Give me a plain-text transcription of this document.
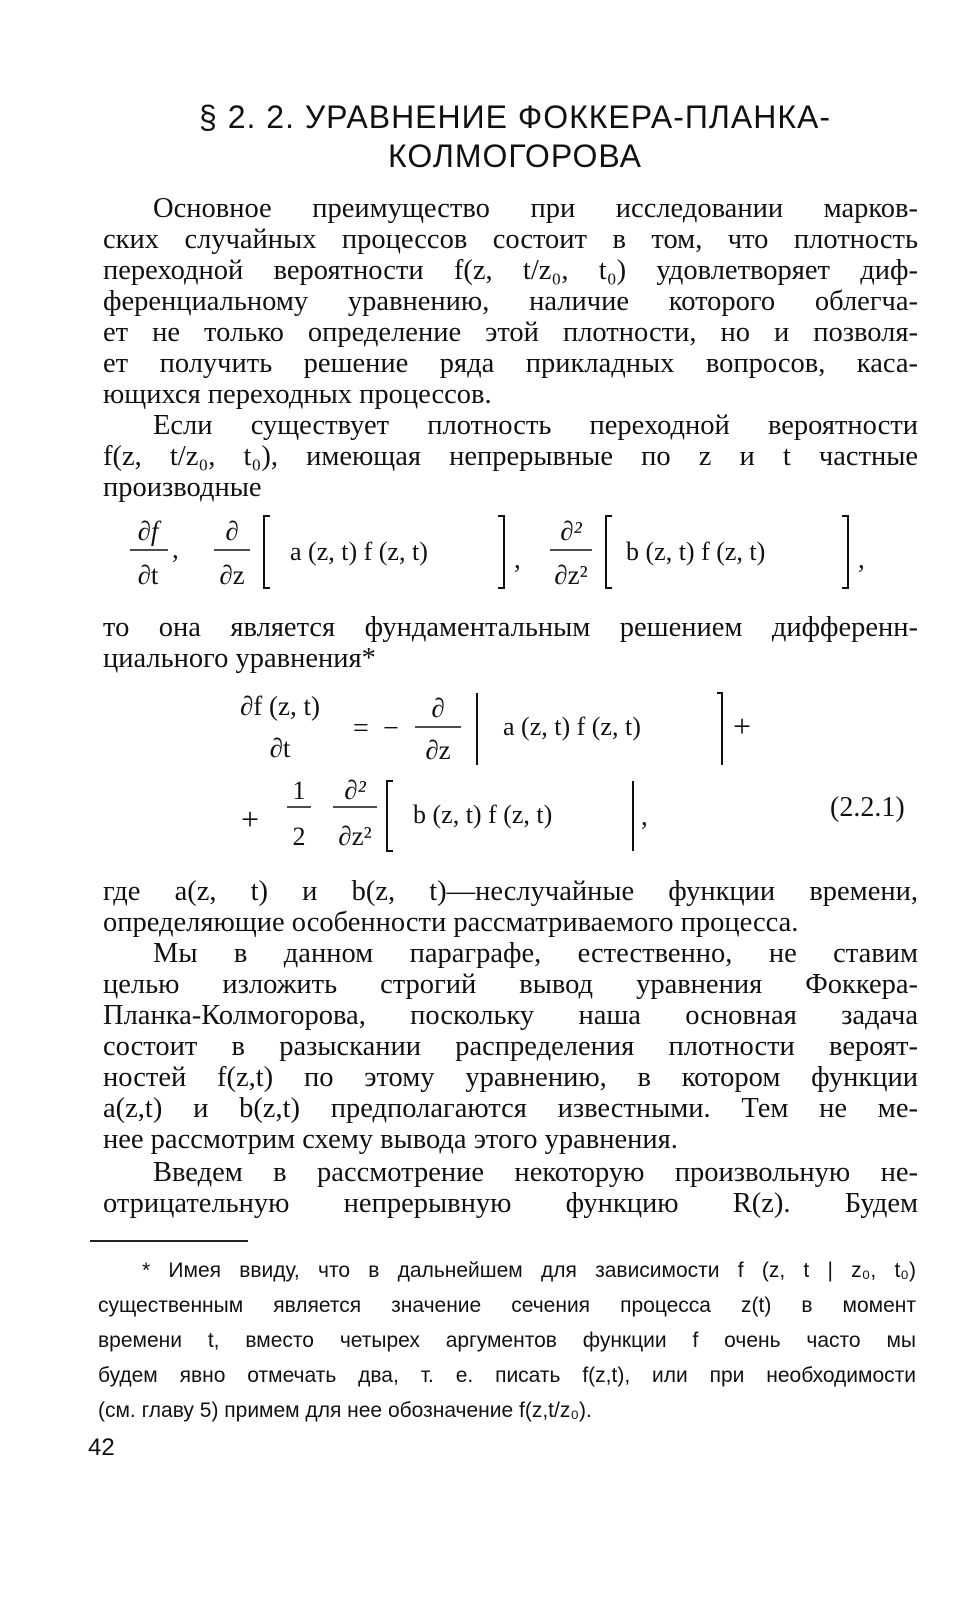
§ 2. 2. УРАВНЕНИЕ ФОККЕРА-ПЛАНКА-
КОЛМОГОРОВА
Основное преимущество при исследовании марков-
ских случайных процессов состоит в том, что плотность
переходной вероятности f(z, t/z₀, t₀) удовлетворяет диф-
ференциальному уравнению, наличие которого облегча-
ет не только определение этой плотности, но и позволя-
ет получить решение ряда прикладных вопросов, каса-
ющихся переходных процессов.
Если существует плотность переходной вероятности
f(z, t/z₀, t₀), имеющая непрерывные по z и t частные
производные
∂f
∂t
,
∂
∂z
a (z, t) f (z, t)	,
∂²
∂z²
b (z, t) f (z, t)	,
то она является фундаментальным решением дифференн-
циального уравнения*
∂f (z, t)
∂t
= −
∂
∂z
a (z, t) f (z, t)	+
+
1
2
∂²
∂z²
b (z, t) f (z, t)	,	(2.2.1)
где a(z, t) и b(z, t)—неслучайные функции времени,
определяющие особенности рассматриваемого процесса.
Мы в данном параграфе, естественно, не ставим
целью изложить строгий вывод уравнения Фоккера-
Планка-Колмогорова, поскольку наша основная задача
состоит в разыскании распределения плотности вероят-
ностей f(z,t) по этому уравнению, в котором функции
a(z,t) и b(z,t) предполагаются известными. Тем не ме-
нее рассмотрим схему вывода этого уравнения.
Введем в рассмотрение некоторую произвольную не-
отрицательную непрерывную функцию R(z). Будем
* Имея ввиду, что в дальнейшем для зависимости f (z, t | z₀, t₀)
существенным является значение сечения процесса z(t) в момент
времени t, вместо четырех аргументов функции f очень часто мы
будем явно отмечать два, т. е. писать f(z,t), или при необходимости
(см. главу 5) примем для нее обозначение f(z,t/z₀).
42
